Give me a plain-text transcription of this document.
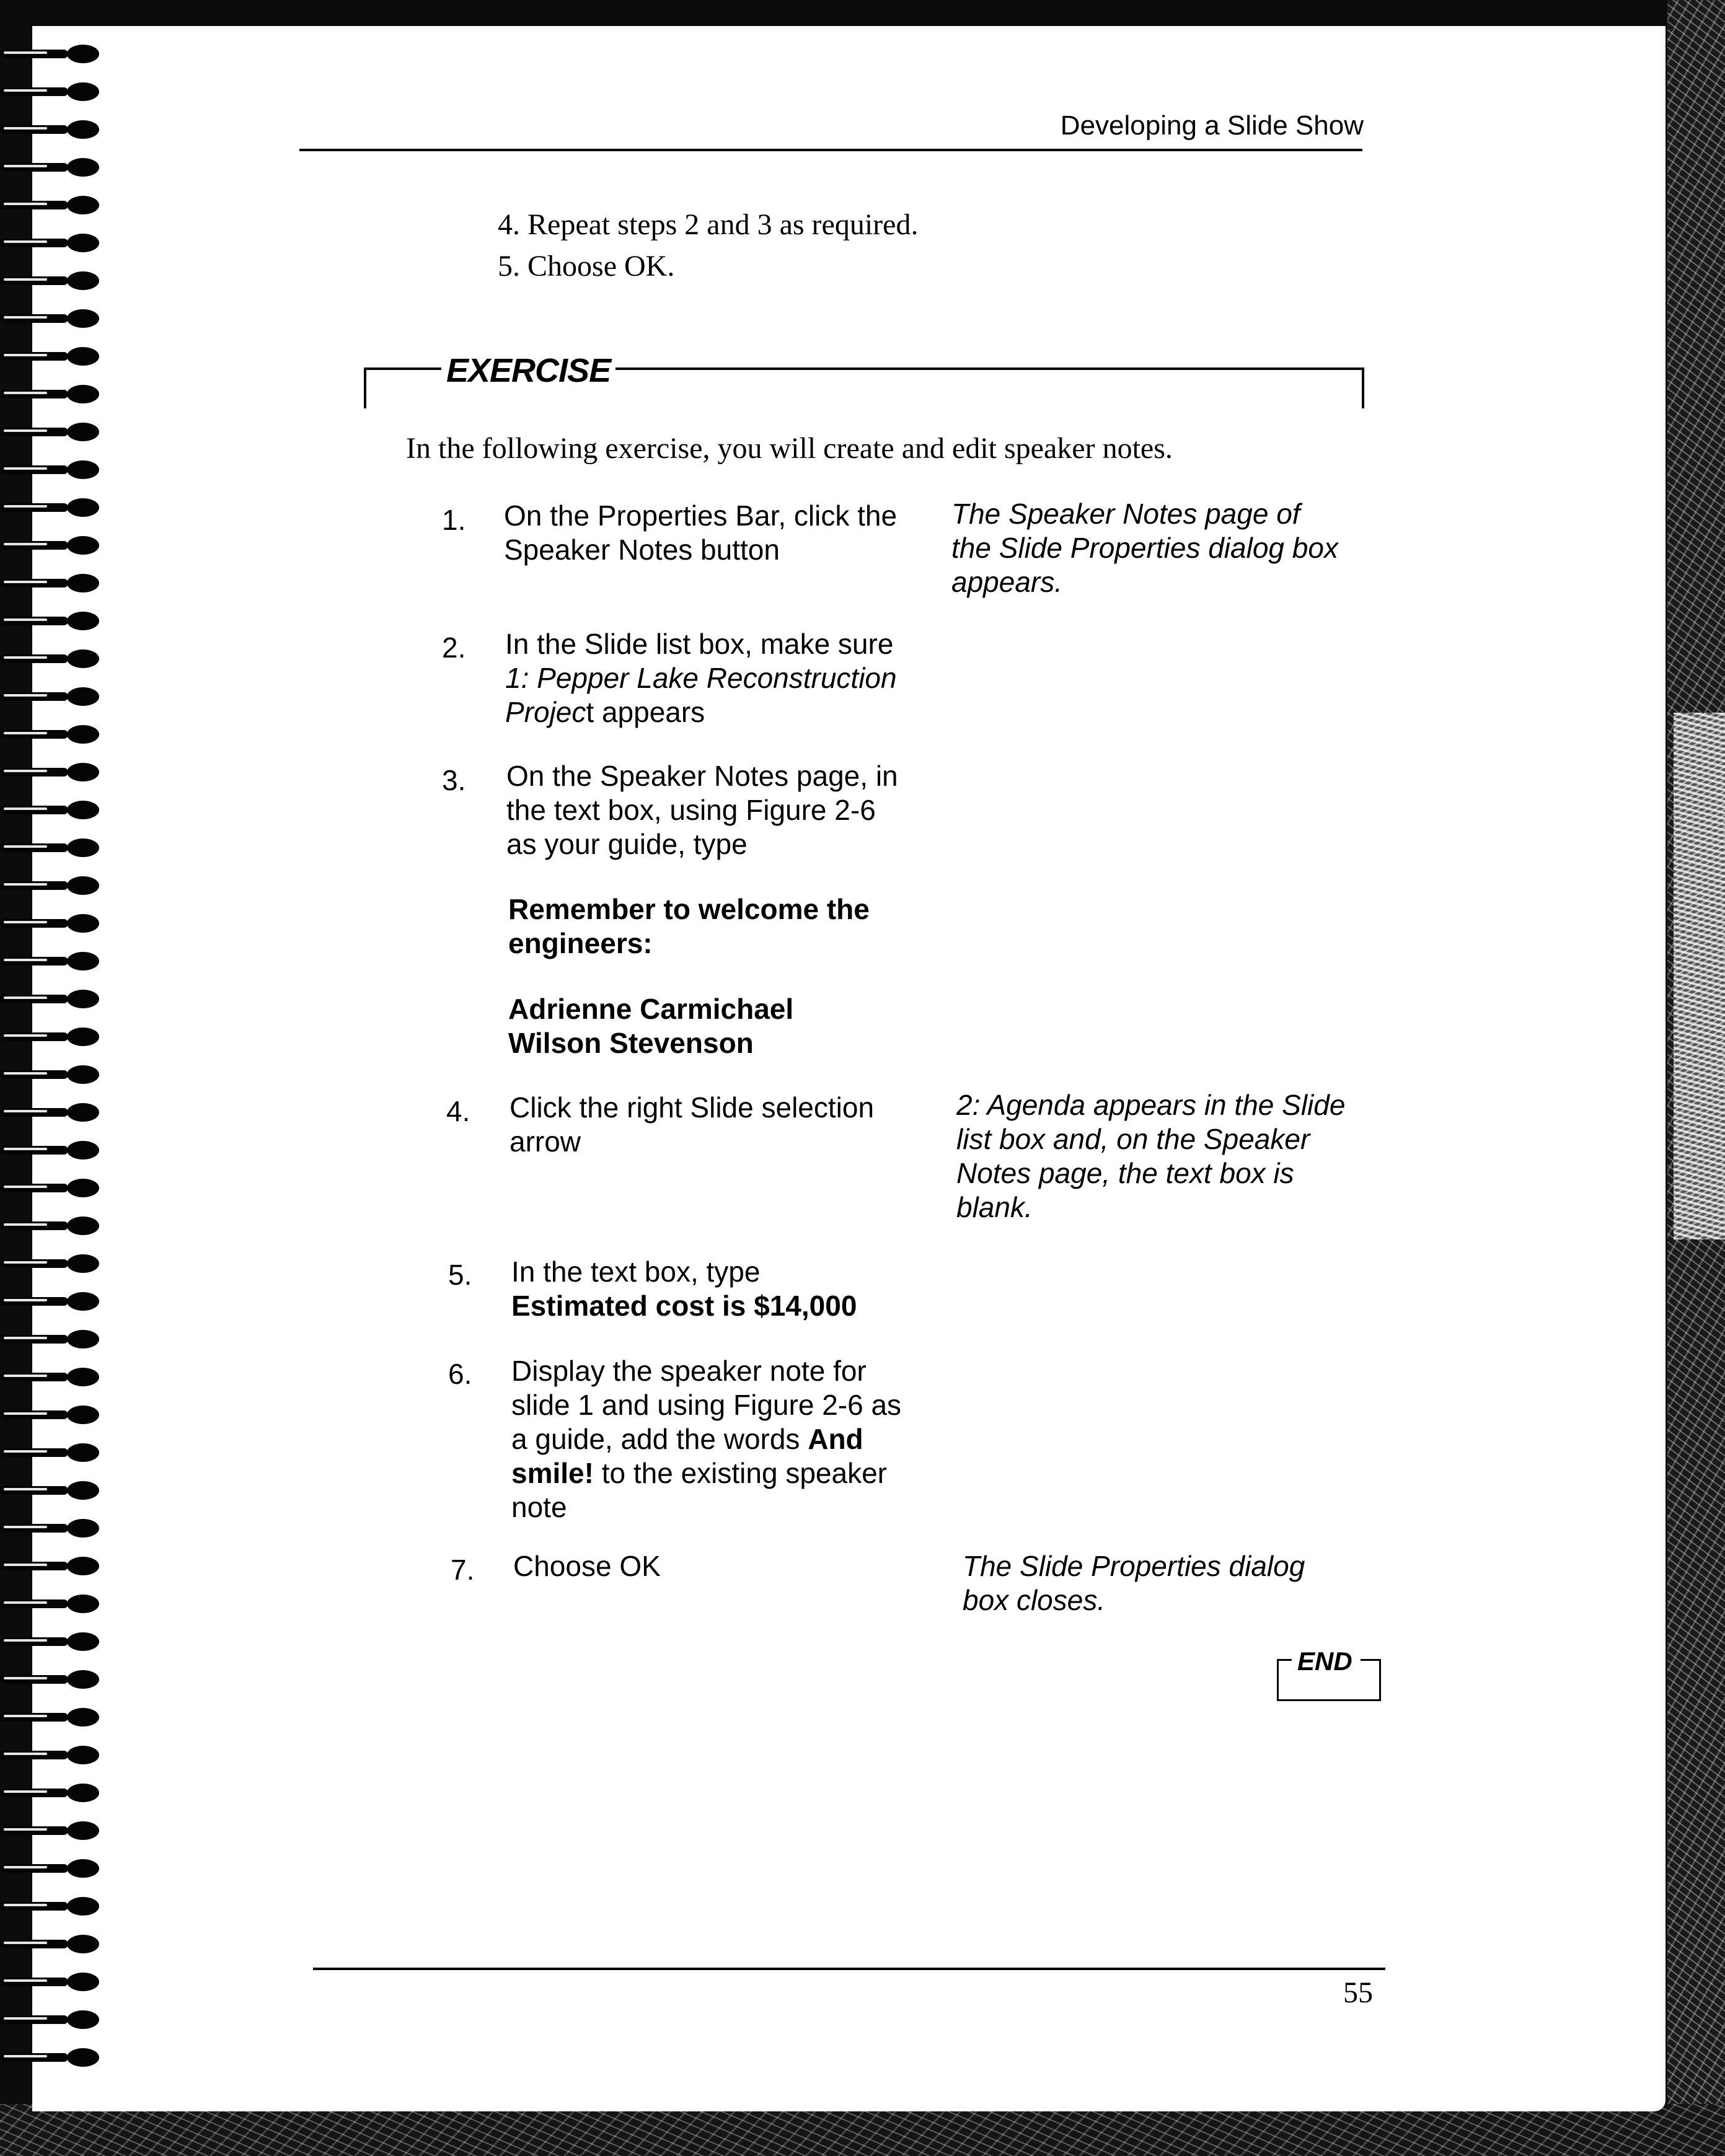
Developing a Slide Show
4. Repeat steps 2 and 3 as required.
5. Choose OK.
EXERCISE
In the following exercise, you will create and edit speaker notes.
1. On the Properties Bar, click the
Speaker Notes button
The Speaker Notes page of
the Slide Properties dialog box
appears.
2. In the Slide list box, make sure
1: Pepper Lake Reconstruction
Project appears
3. On the Speaker Notes page, in
the text box, using Figure 2-6
as your guide, type
Remember to welcome the
engineers:
Adrienne Carmichael
Wilson Stevenson
4. Click the right Slide selection
arrow
2: Agenda appears in the Slide
list box and, on the Speaker
Notes page, the text box is
blank.
5. In the text box, type
Estimated cost is $14,000
6. Display the speaker note for
slide 1 and using Figure 2-6 as
a guide, add the words And
smile! to the existing speaker
note
7. Choose OK	The Slide Properties dialog
box closes.
END
55
